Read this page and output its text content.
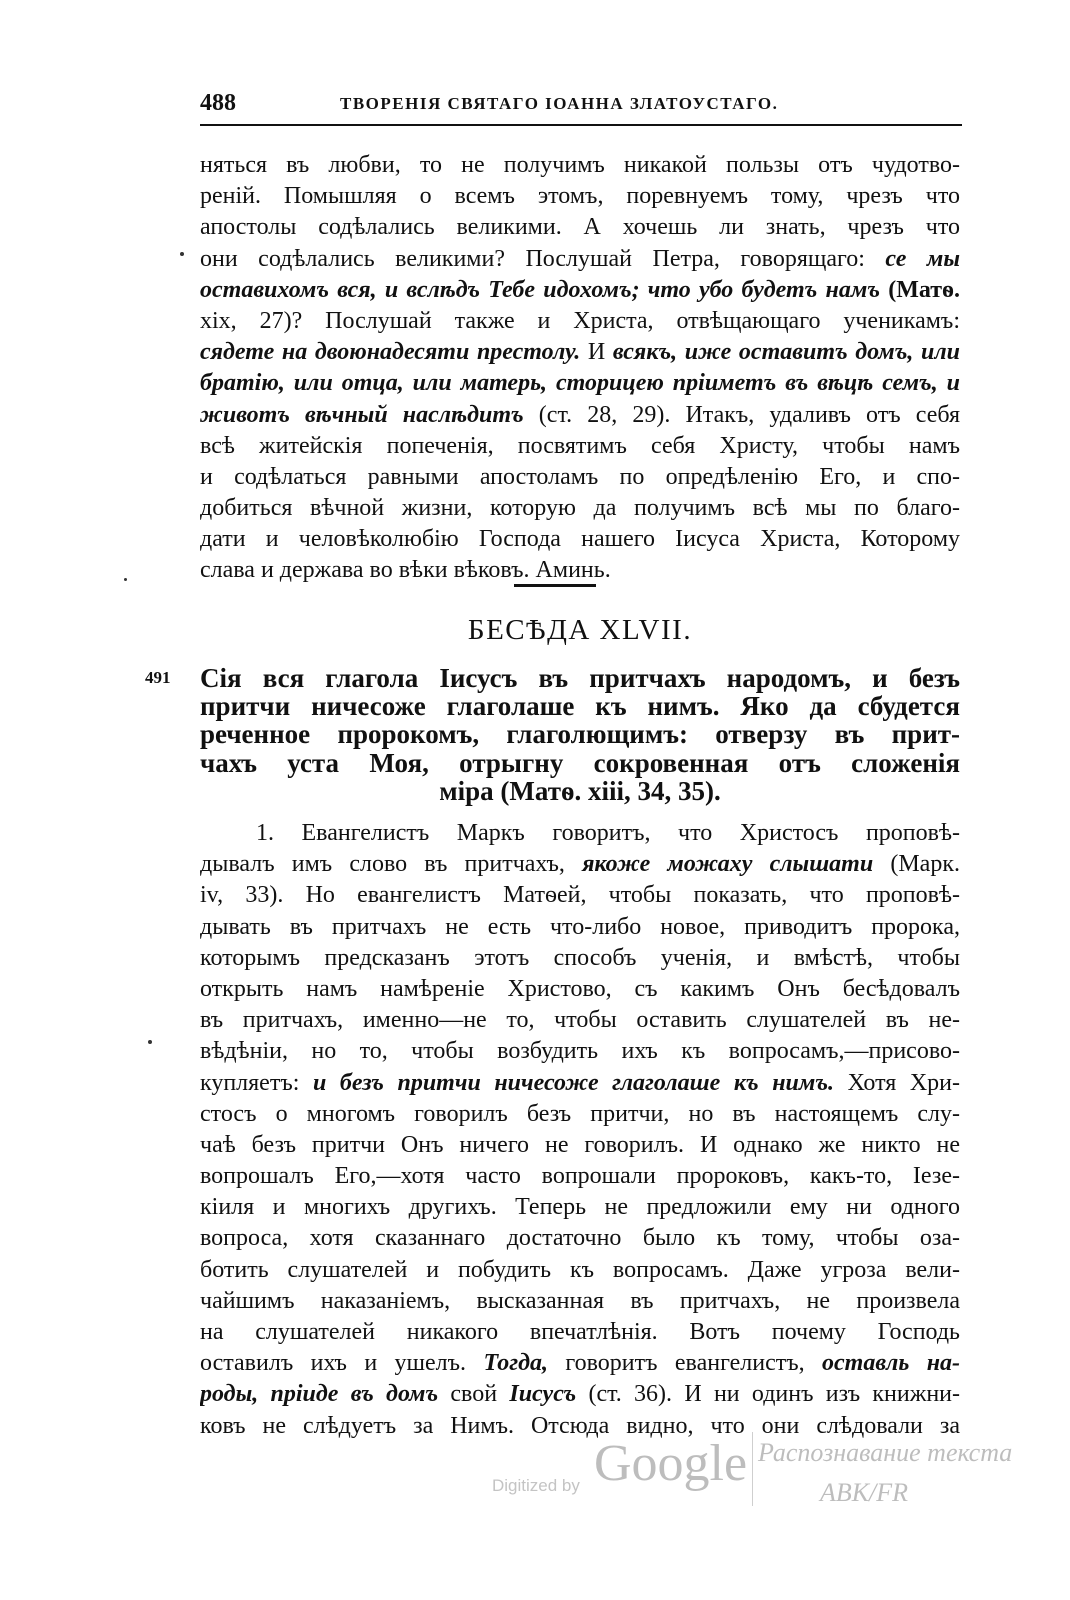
488	ТВОРЕНІЯ СВЯТАГО ІОАННА ЗЛАТОУСТАГО.
няться въ любви, то не получимъ никакой пользы отъ чудотво-
реній. Помышляя о всемъ этомъ, поревнуемъ тому, чрезъ что
апостолы содѣлались великими. А хочешь ли знать, чрезъ что
они содѣлались великими? Послушай Петра, говорящаго: се мы
оставихомъ вся, и вслѣдъ Тебе идохомъ; что убо будетъ намъ (Матѳ.
xix, 27)? Послушай также и Христа, отвѣщающаго ученикамъ:
сядете на двоюнадесяти престолу. И всякъ, иже оставитъ домъ, или
братію, или отца, или матерь, сторицею пріиметъ въ вѣцѣ семъ, и
животъ вѣчный наслѣдитъ (ст. 28, 29). Итакъ, удаливъ отъ себя
всѣ житейскія попеченія, посвятимъ себя Христу, чтобы намъ
и содѣлаться равными апостоламъ по опредѣленію Его, и спо-
добиться вѣчной жизни, которую да получимъ всѣ мы по благо-
дати и человѣколюбію Господа нашего Іисуса Христа, Которому
слава и держава во вѣки вѣковъ. Аминь.
БЕСѢДА XLVII.
491 Сія вся глагола Іисусъ въ притчахъ народомъ, и безъ
притчи ничесоже глаголаше къ нимъ. Яко да сбудется
реченное пророкомъ, глаголющимъ: отверзу въ прит-
чахъ уста Моя, отрыгну сокровенная отъ сложенія
міра (Матѳ. xiii, 34, 35).
1. Евангелистъ Маркъ говоритъ, что Христосъ проповѣ-
дывалъ имъ слово въ притчахъ, якоже можаху слышати (Марк.
iv, 33). Но евангелистъ Матѳей, чтобы показать, что проповѣ-
дывать въ притчахъ не есть что-либо новое, приводитъ пророка,
которымъ предсказанъ этотъ способъ ученія, и вмѣстѣ, чтобы
открыть намъ намѣреніе Христово, съ какимъ Онъ бесѣдовалъ
въ притчахъ, именно—не то, чтобы оставить слушателей въ не-
вѣдѣніи, но то, чтобы возбудить ихъ къ вопросамъ,—присово-
купляетъ: и безъ притчи ничесоже глаголаше къ нимъ. Хотя Хри-
стосъ о многомъ говорилъ безъ притчи, но въ настоящемъ слу-
чаѣ безъ притчи Онъ ничего не говорилъ. И однако же никто не
вопрошалъ Его,—хотя часто вопрошали пророковъ, какъ-то, Іезе-
кіиля и многихъ другихъ. Теперь не предложили ему ни одного
вопроса, хотя сказаннаго достаточно было къ тому, чтобы оза-
ботить слушателей и побудить къ вопросамъ. Даже угроза вели-
чайшимъ наказаніемъ, высказанная въ притчахъ, не произвела
на слушателей никакого впечатлѣнія. Вотъ почему Господь
оставилъ ихъ и ушелъ. Тогда, говоритъ евангелистъ, оставль на-
роды, пріиде въ домъ свой Іисусъ (ст. 36). И ни одинъ изъ книжни-
ковъ не слѣдуетъ за Нимъ. Отсюда видно, что они слѣдовали за
Digitized by Google Распознавание текста
АВК/FR
